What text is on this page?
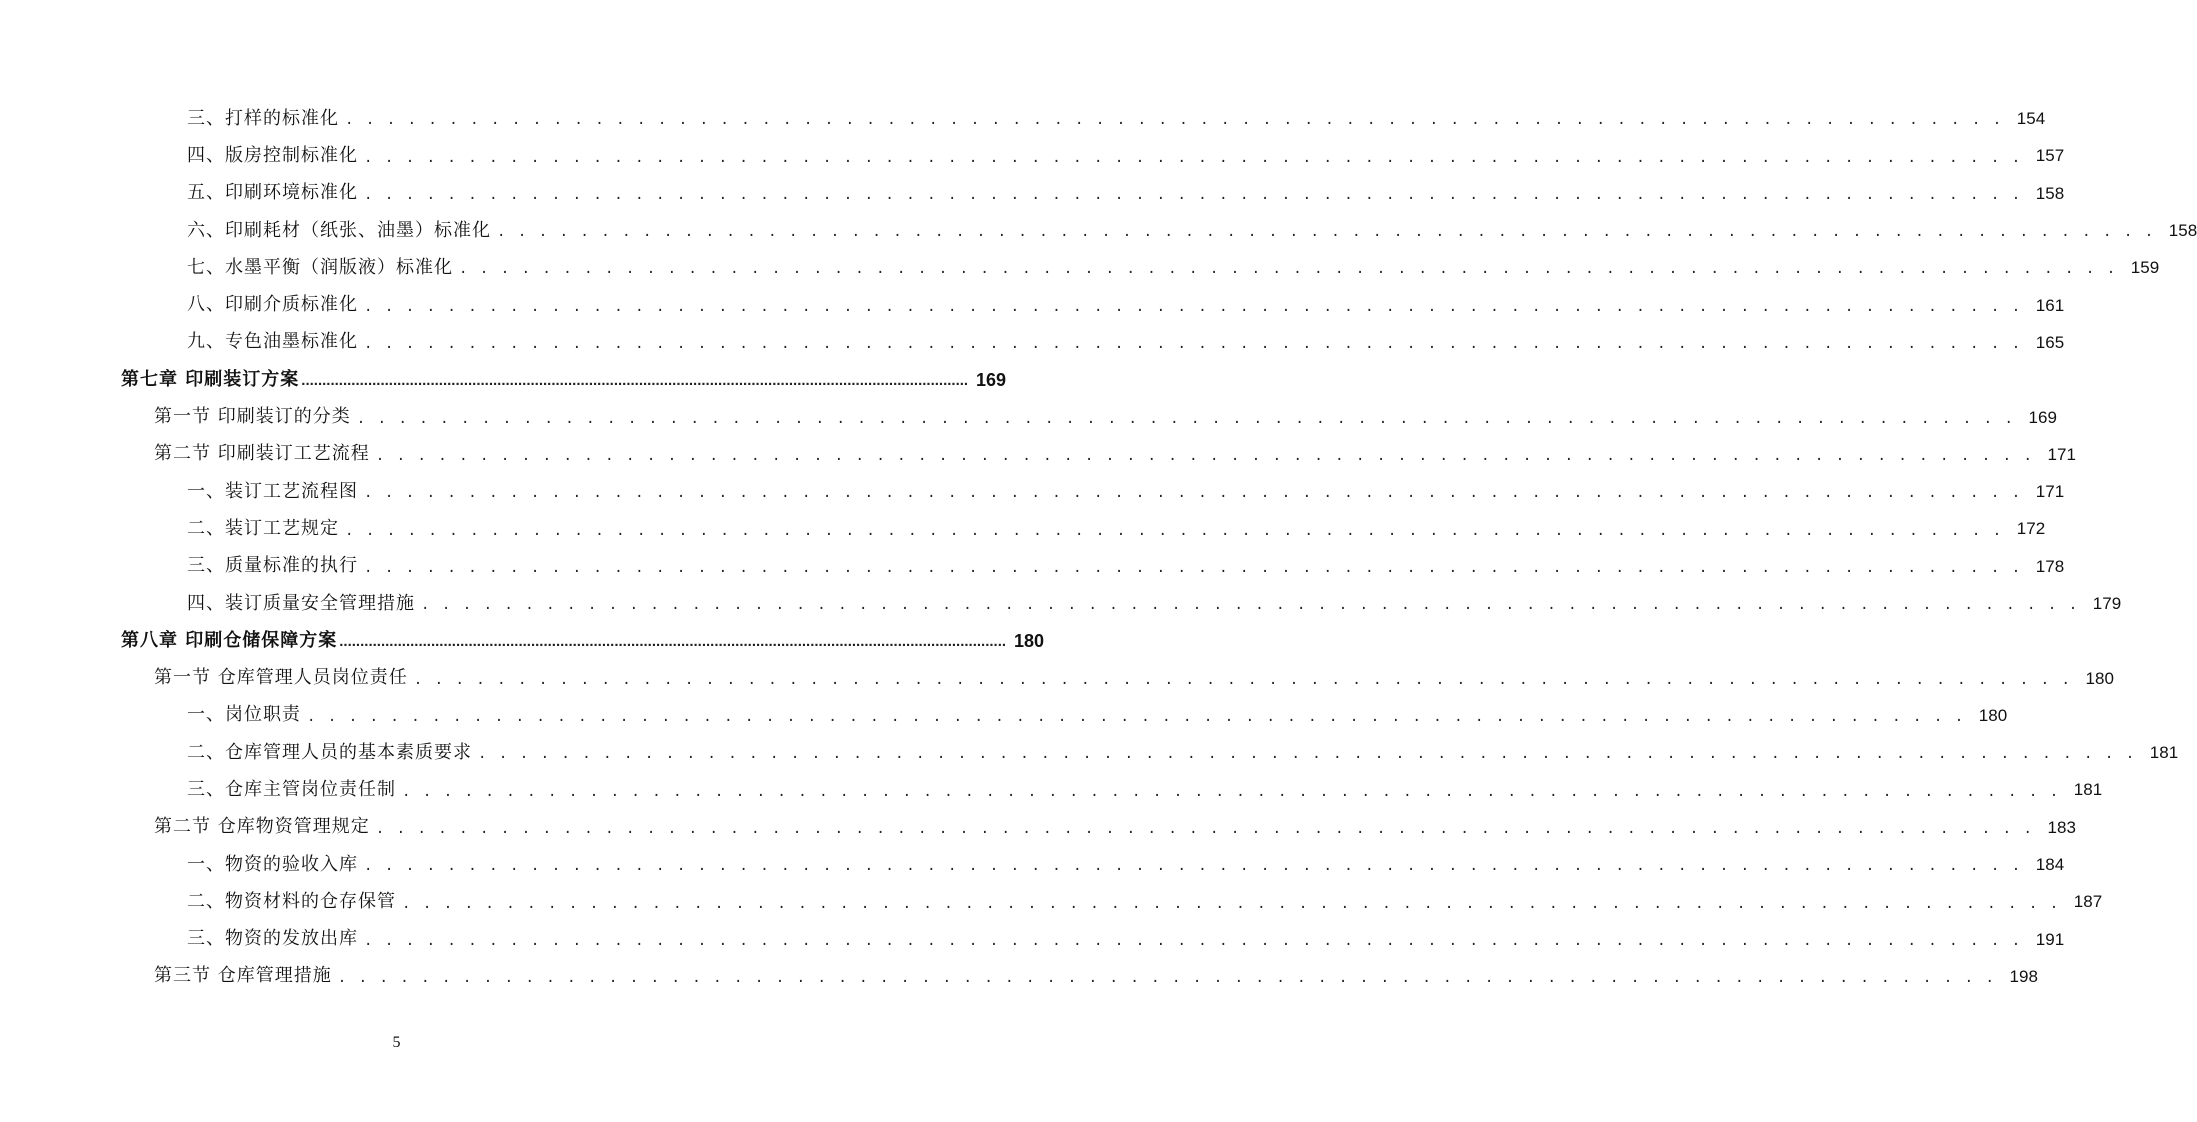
三、打样的标准化 . . . . . . . . . . . . . . . . . . . . . . . . . . . . . . . . . . . . . . . . . . . . . . . . . . . . . . . . . . . . . . . . . . . . . . . . . . . . . . . . 154
四、版房控制标准化 . . . . . . . . . . . . . . . . . . . . . . . . . . . . . . . . . . . . . . . . . . . . . . . . . . . . . . . . . . . . . . . . . . . . . . . . . . . . . . . . 157
五、印刷环境标准化 . . . . . . . . . . . . . . . . . . . . . . . . . . . . . . . . . . . . . . . . . . . . . . . . . . . . . . . . . . . . . . . . . . . . . . . . . . . . . . . . 158
六、印刷耗材（纸张、油墨）标准化 . . . . . . . . . . . . . . . . . . . . . . . . . . . . . . . . . . . . . . . . . . . . . . . . . . . . . . . . . . . . . . . . . . . . . . . . . . . . . . . . 158
七、水墨平衡（润版液）标准化 . . . . . . . . . . . . . . . . . . . . . . . . . . . . . . . . . . . . . . . . . . . . . . . . . . . . . . . . . . . . . . . . . . . . . . . . . . . . . . . . 159
八、印刷介质标准化 . . . . . . . . . . . . . . . . . . . . . . . . . . . . . . . . . . . . . . . . . . . . . . . . . . . . . . . . . . . . . . . . . . . . . . . . . . . . . . . . 161
九、专色油墨标准化 . . . . . . . . . . . . . . . . . . . . . . . . . . . . . . . . . . . . . . . . . . . . . . . . . . . . . . . . . . . . . . . . . . . . . . . . . . . . . . . . 165
第七章 印刷装订方案 ................................................................................................................................................................ 169
第一节 印刷装订的分类 . . . . . . . . . . . . . . . . . . . . . . . . . . . . . . . . . . . . . . . . . . . . . . . . . . . . . . . . . . . . . . . . . . . . . . . . . . . . . . . . 169
第二节 印刷装订工艺流程 . . . . . . . . . . . . . . . . . . . . . . . . . . . . . . . . . . . . . . . . . . . . . . . . . . . . . . . . . . . . . . . . . . . . . . . . . . . . . . . . 171
一、装订工艺流程图 . . . . . . . . . . . . . . . . . . . . . . . . . . . . . . . . . . . . . . . . . . . . . . . . . . . . . . . . . . . . . . . . . . . . . . . . . . . . . . . . 171
二、装订工艺规定 . . . . . . . . . . . . . . . . . . . . . . . . . . . . . . . . . . . . . . . . . . . . . . . . . . . . . . . . . . . . . . . . . . . . . . . . . . . . . . . . 172
三、质量标准的执行 . . . . . . . . . . . . . . . . . . . . . . . . . . . . . . . . . . . . . . . . . . . . . . . . . . . . . . . . . . . . . . . . . . . . . . . . . . . . . . . . 178
四、装订质量安全管理措施 . . . . . . . . . . . . . . . . . . . . . . . . . . . . . . . . . . . . . . . . . . . . . . . . . . . . . . . . . . . . . . . . . . . . . . . . . . . . . . . . 179
第八章 印刷仓储保障方案 ................................................................................................................................................................ 180
第一节 仓库管理人员岗位责任 . . . . . . . . . . . . . . . . . . . . . . . . . . . . . . . . . . . . . . . . . . . . . . . . . . . . . . . . . . . . . . . . . . . . . . . . . . . . . . . . 180
一、岗位职责 . . . . . . . . . . . . . . . . . . . . . . . . . . . . . . . . . . . . . . . . . . . . . . . . . . . . . . . . . . . . . . . . . . . . . . . . . . . . . . . . 180
二、仓库管理人员的基本素质要求 . . . . . . . . . . . . . . . . . . . . . . . . . . . . . . . . . . . . . . . . . . . . . . . . . . . . . . . . . . . . . . . . . . . . . . . . . . . . . . . . 181
三、仓库主管岗位责任制 . . . . . . . . . . . . . . . . . . . . . . . . . . . . . . . . . . . . . . . . . . . . . . . . . . . . . . . . . . . . . . . . . . . . . . . . . . . . . . . . 181
第二节 仓库物资管理规定 . . . . . . . . . . . . . . . . . . . . . . . . . . . . . . . . . . . . . . . . . . . . . . . . . . . . . . . . . . . . . . . . . . . . . . . . . . . . . . . . 183
一、物资的验收入库 . . . . . . . . . . . . . . . . . . . . . . . . . . . . . . . . . . . . . . . . . . . . . . . . . . . . . . . . . . . . . . . . . . . . . . . . . . . . . . . . 184
二、物资材料的仓存保管 . . . . . . . . . . . . . . . . . . . . . . . . . . . . . . . . . . . . . . . . . . . . . . . . . . . . . . . . . . . . . . . . . . . . . . . . . . . . . . . . 187
三、物资的发放出库 . . . . . . . . . . . . . . . . . . . . . . . . . . . . . . . . . . . . . . . . . . . . . . . . . . . . . . . . . . . . . . . . . . . . . . . . . . . . . . . . 191
第三节 仓库管理措施 . . . . . . . . . . . . . . . . . . . . . . . . . . . . . . . . . . . . . . . . . . . . . . . . . . . . . . . . . . . . . . . . . . . . . . . . . . . . . . . . 198
5
